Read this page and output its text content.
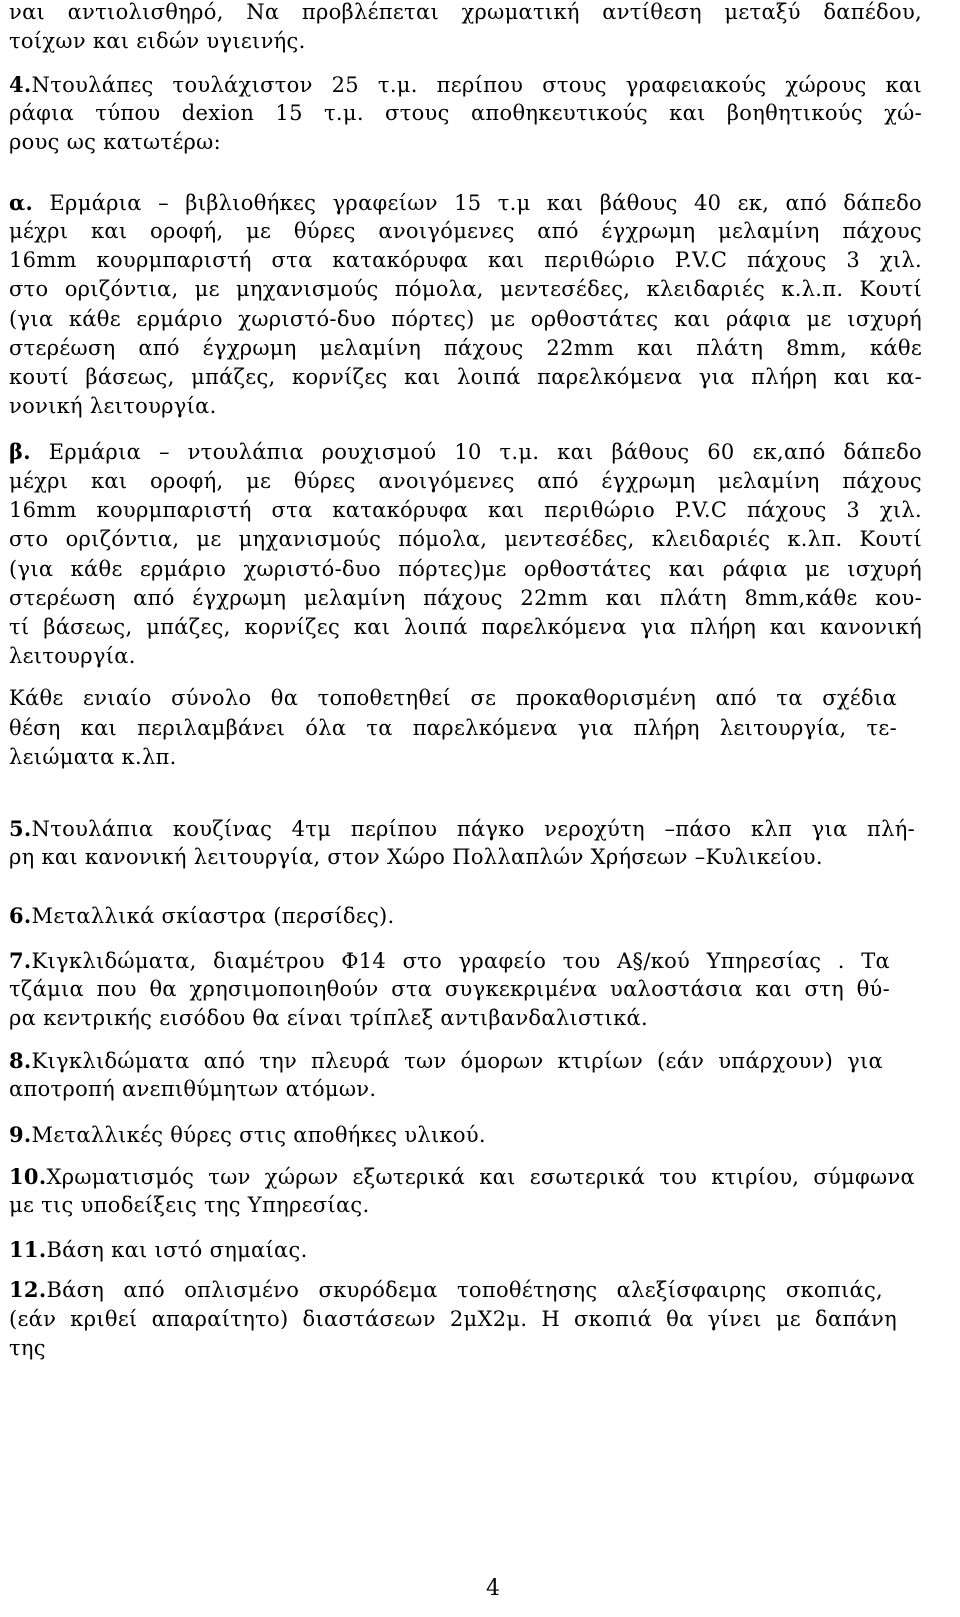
ναι αντιολισθηρό, Να προβλέπεται χρωματική αντίθεση μεταξύ δαπέδου,
τοίχων και ειδών υγιεινής.
4.Ντουλάπες τουλάχιστον 25 τ.μ. περίπου στους γραφειακούς χώρους και
ράφια τύπου dexion 15 τ.μ. στους αποθηκευτικούς και βοηθητικούς χώ-
ρους ως κατωτέρω:
α. Ερμάρια – βιβλιοθήκες γραφείων 15 τ.μ και βάθους 40 εκ, από δάπεδο
μέχρι και οροφή, με θύρες ανοιγόμενες από έγχρωμη μελαμίνη πάχους
16mm κουρμπαριστή στα κατακόρυφα και περιθώριο P.V.C πάχους 3 χιλ.
στο οριζόντια, με μηχανισμούς πόμολα, μεντεσέδες, κλειδαριές κ.λ.π. Κουτί
(για κάθε ερμάριο χωριστό-δυο πόρτες) με ορθοστάτες και ράφια με ισχυρή
στερέωση από έγχρωμη μελαμίνη πάχους 22mm και πλάτη 8mm, κάθε
κουτί βάσεως, μπάζες, κορνίζες και λοιπά παρελκόμενα για πλήρη και κα-
νονική λειτουργία.
β. Ερμάρια – ντουλάπια ρουχισμού 10 τ.μ. και βάθους 60 εκ,από δάπεδο
μέχρι και οροφή, με θύρες ανοιγόμενες από έγχρωμη μελαμίνη πάχους
16mm κουρμπαριστή στα κατακόρυφα και περιθώριο P.V.C πάχους 3 χιλ.
στο οριζόντια, με μηχανισμούς πόμολα, μεντεσέδες, κλειδαριές κ.λπ. Κουτί
(για κάθε ερμάριο χωριστό-δυο πόρτες)με ορθοστάτες και ράφια με ισχυρή
στερέωση από έγχρωμη μελαμίνη πάχους 22mm και πλάτη 8mm,κάθε κου-
τί βάσεως, μπάζες, κορνίζες και λοιπά παρελκόμενα για πλήρη και κανονική
λειτουργία.
Κάθε ενιαίο σύνολο θα τοποθετηθεί σε προκαθορισμένη από τα σχέδια
θέση και περιλαμβάνει όλα τα παρελκόμενα για πλήρη λειτουργία, τε-
λειώματα κ.λπ.
5.Ντουλάπια κουζίνας 4τμ περίπου πάγκο νεροχύτη –πάσο κλπ για πλή-
ρη και κανονική λειτουργία, στον Χώρο Πολλαπλών Χρήσεων –Κυλικείου.
6.Μεταλλικά σκίαστρα (περσίδες).
7.Κιγκλιδώματα, διαμέτρου Φ14 στο γραφείο του Α§/κού Υπηρεσίας . Τα
τζάμια που θα χρησιμοποιηθούν στα συγκεκριμένα υαλοστάσια και στη θύ-
ρα κεντρικής εισόδου θα είναι τρίπλεξ αντιβανδαλιστικά.
8.Κιγκλιδώματα από την πλευρά των όμορων κτιρίων (εάν υπάρχουν) για
αποτροπή ανεπιθύμητων ατόμων.
9.Μεταλλικές θύρες στις αποθήκες υλικού.
10.Χρωματισμός των χώρων εξωτερικά και εσωτερικά του κτιρίου, σύμφωνα
με τις υποδείξεις της Υπηρεσίας.
11.Βάση και ιστό σημαίας.
12.Βάση από οπλισμένο σκυρόδεμα τοποθέτησης αλεξίσφαιρης σκοπιάς,
(εάν κριθεί απαραίτητο) διαστάσεων 2μΧ2μ. Η σκοπιά θα γίνει με δαπάνη
της
4
